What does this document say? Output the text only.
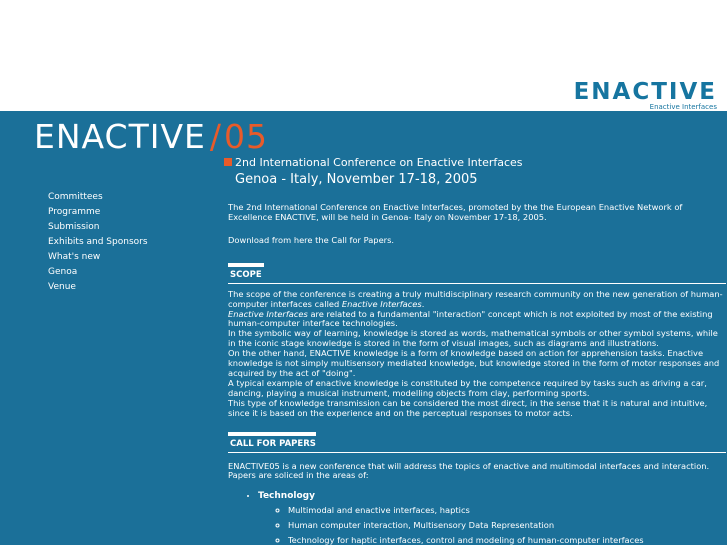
ENACTIVE
Enactive Interfaces
ENACTIVE /05
2nd International Conference on Enactive Interfaces
Genoa - Italy, November 17-18, 2005
Committees
Programme
Submission
Exhibits and Sponsors
What's new
Genoa
Venue

The 2nd International Conference on Enactive Interfaces, promoted by the the European Enactive Network of Excellence ENACTIVE, will be held in Genoa- Italy on November 17-18, 2005.

Download from here the Call for Papers.

SCOPE

The scope of the conference is creating a truly multidisciplinary research community on the new generation of human-computer interfaces called Enactive Interfaces.

Enactive Interfaces are related to a fundamental "interaction" concept which is not exploited by most of the existing human-computer interface technologies.

In the symbolic way of learning, knowledge is stored as words, mathematical symbols or other symbol systems, while in the iconic stage knowledge is stored in the form of visual images, such as diagrams and illustrations.

On the other hand, ENACTIVE knowledge is a form of knowledge based on action for apprehension tasks. Enactive knowledge is not simply multisensory mediated knowledge, but knowledge stored in the form of motor responses and acquired by the act of "doing".

A typical example of enactive knowledge is constituted by the competence required by tasks such as driving a car, dancing, playing a musical instrument, modelling objects from clay, performing sports.

This type of knowledge transmission can be considered the most direct, in the sense that it is natural and intuitive, since it is based on the experience and on the perceptual responses to motor acts.

CALL FOR PAPERS

ENACTIVE05 is a new conference that will address the topics of enactive and multimodal interfaces and interaction. Papers are soliced in the areas of:

• Technology
◦ Multimodal and enactive interfaces, haptics
◦ Human computer interaction, Multisensory Data Representation
◦ Technology for haptic interfaces, control and modeling of human-computer interfaces
